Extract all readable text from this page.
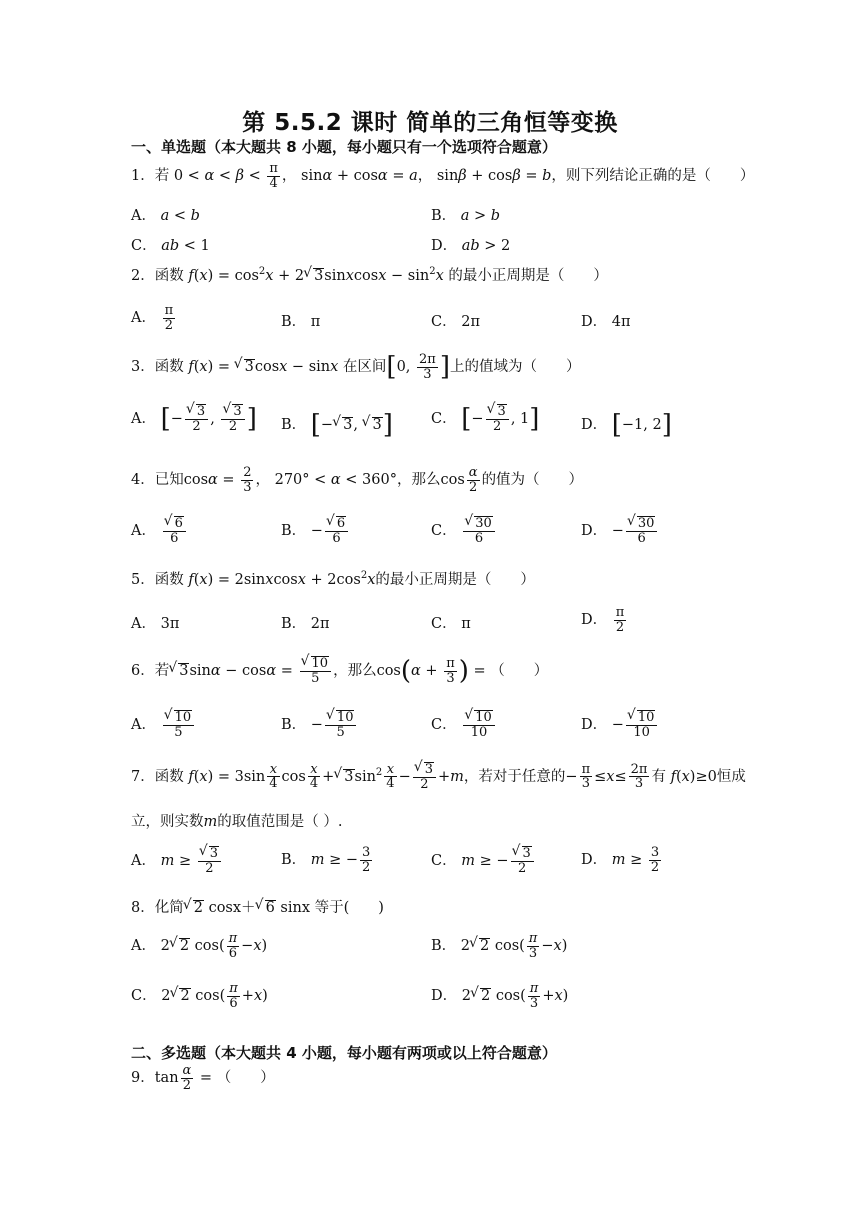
第 5.5.2 课时 简单的三角恒等变换
一、单选题（本大题共 8 小题，每小题只有一个选项符合题意）
1．若 $0 < \alpha < \beta < \frac{\pi}{4}$ ， sinα + cosα = a， sinβ + cosβ = b，则下列结论正确的是（　　）
A． a < b	B． a > b
C． ab < 1	D． ab > 2
2．函数 $f(x) = \cos^2x + 2√$ 3sinxcosx − $\sin^2x$ 的最小正周期是（　　）
A． $\frac{\pi}{2}$	B． π	C． 2π	D． 4π
3．函数 f(x) = √ 3cosx − sinx 在区间[0, $\frac{2\pi}{3}$ ]上的值域为（　　）
A． [−
√ $\frac{3}{2}$ ,
√ $\frac{3}{2}$ ] B． [−√ 3, √ 3]	C． [−
√ $\frac{3}{2}$ , 1]	D． [−1, 2]
4．已知$\cos\alpha = \frac{2}{3}$ ， 270° < α < 360°，那么$\cos \frac{\alpha}{2}$ 的值为（　　）
A．
√ $\frac{6}{6}$	B． −
√ $\frac{6}{6}$	C．
√ $\frac{30}{6}$	D． −
√ $\frac{30}{6}$
5．函数 f(x) = 2sinxcosx + $2\cos^2x$的最小正周期是（　　）
A． 3π	B． 2π	C． π	D． $\frac{\pi}{2}$
6．若√ 3sinα − cosα =
√ $\frac{10}{5}$ ，那么$\cos(\alpha + \frac{\pi}{3}$ ) = （　　）
A．
√ $\frac{10}{5}$	B． −
√ $\frac{10}{5}$	C．
√ $\frac{10}{10}$	D． −
√ $\frac{10}{10}$
7．函数 $f(x) = 3\sin \frac{x}{4}$ $\cos \frac{x}{4}$ +√ $3\sin^2 \frac{x}{4}$ −
√ $\frac{3}{2} +m$，若对于任意的− $\frac{\pi}{3} \le x\le \frac{2\pi}{3}$ 有 f(x)≥0恒成
立，则实数m的取值范围是（ ）.
A． m ≥
√ $\frac{3}{2}$	B． m ≥ − $\frac{3}{2}$	C． m ≥ −
√ $\frac{3}{2}$	D． $m \ge \frac{3}{2}$
8．化简√ 2 cosx＋√ 6 sinx 等于(　　)
A． 2√ 2 $\cos( \frac{\pi}{6} -x)$	B． 2√ 2 $\cos( \frac{\pi}{3} -x)$
C． 2√ 2 $\cos( \frac{\pi}{6} +x)$	D． 2√ 2 $\cos( \frac{\pi}{3} +x)$
二、多选题（本大题共 4 小题，每小题有两项或以上符合题意）
9．$\tan \frac{\alpha}{2}$ = （　　）
